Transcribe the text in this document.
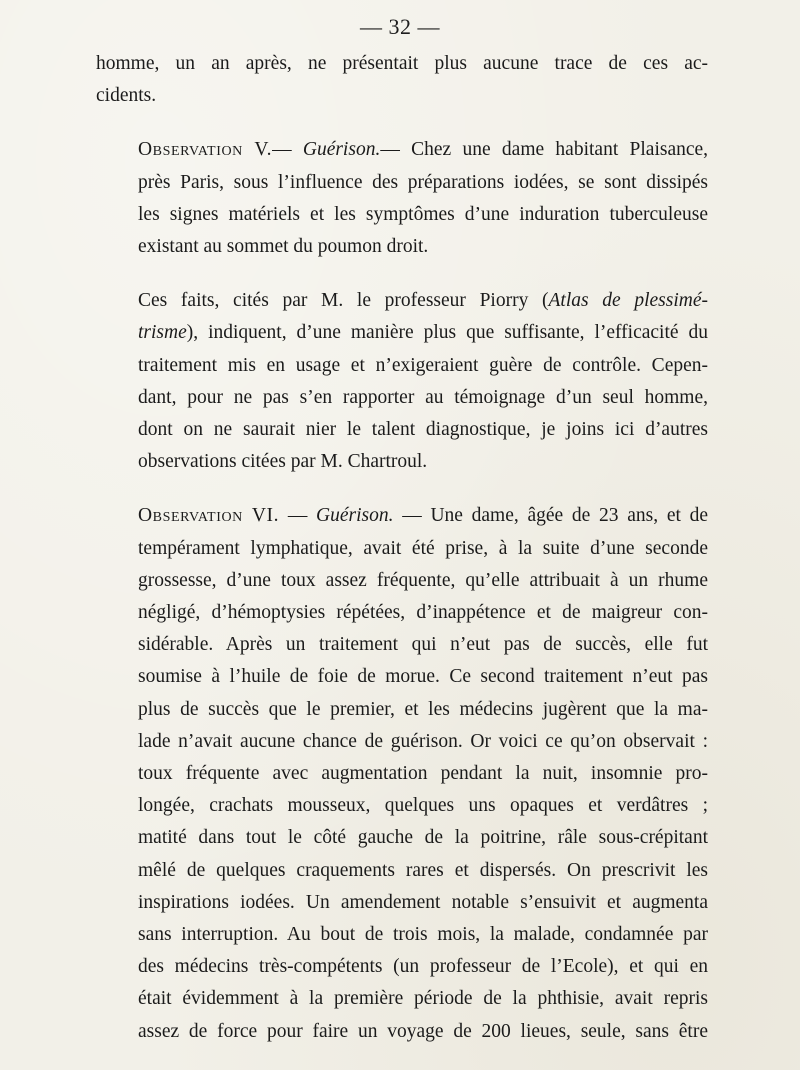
— 32 —
homme, un an après, ne présentait plus aucune trace de ces ac-
cidents.
Observation V.— Guérison.— Chez une dame habitant Plaisance,
près Paris, sous l’influence des préparations iodées, se sont dissipés
les signes matériels et les symptômes d’une induration tuberculeuse
existant au sommet du poumon droit.
Ces faits, cités par M. le professeur Piorry (Atlas de plessimé-
trisme), indiquent, d’une manière plus que suffisante, l’efficacité du
traitement mis en usage et n’exigeraient guère de contrôle. Cepen-
dant, pour ne pas s’en rapporter au témoignage d’un seul homme,
dont on ne saurait nier le talent diagnostique, je joins ici d’autres
observations citées par M. Chartroul.
Observation VI. — Guérison. — Une dame, âgée de 23 ans, et de
tempérament lymphatique, avait été prise, à la suite d’une seconde
grossesse, d’une toux assez fréquente, qu’elle attribuait à un rhume
négligé, d’hémoptysies répétées, d’inappétence et de maigreur con-
sidérable. Après un traitement qui n’eut pas de succès, elle fut
soumise à l’huile de foie de morue. Ce second traitement n’eut pas
plus de succès que le premier, et les médecins jugèrent que la ma-
lade n’avait aucune chance de guérison. Or voici ce qu’on observait :
toux fréquente avec augmentation pendant la nuit, insomnie pro-
longée, crachats mousseux, quelques uns opaques et verdâtres ;
matité dans tout le côté gauche de la poitrine, râle sous-crépitant
mêlé de quelques craquements rares et dispersés. On prescrivit les
inspirations iodées. Un amendement notable s’ensuivit et augmenta
sans interruption. Au bout de trois mois, la malade, condamnée par
des médecins très-compétents (un professeur de l’Ecole), et qui en
était évidemment à la première période de la phthisie, avait repris
assez de force pour faire un voyage de 200 lieues, seule, sans être
